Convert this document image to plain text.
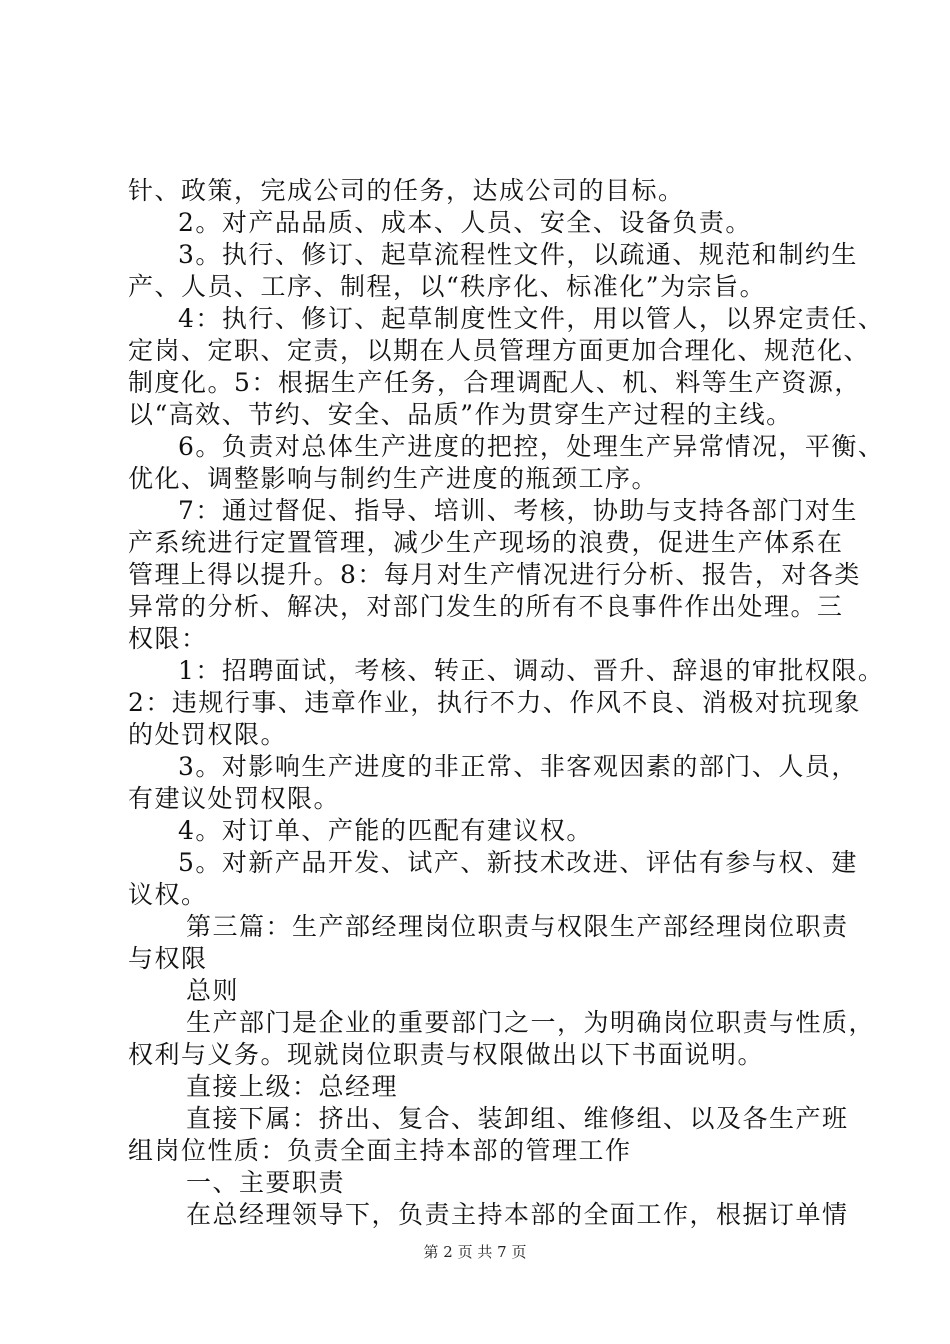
针、政策，完成公司的任务，达成公司的目标。
2。对产品品质、成本、人员、安全、设备负责。
3。执行、修订、起草流程性文件，以疏通、规范和制约生
产、人员、工序、制程，以“秩序化、标准化”为宗旨。
4：执行、修订、起草制度性文件，用以管人，以界定责任、
定岗、定职、定责，以期在人员管理方面更加合理化、规范化、
制度化。5：根据生产任务，合理调配人、机、料等生产资源，
以“高效、节约、安全、品质”作为贯穿生产过程的主线。
6。负责对总体生产进度的把控，处理生产异常情况，平衡、
优化、调整影响与制约生产进度的瓶颈工序。
7：通过督促、指导、培训、考核，协助与支持各部门对生
产系统进行定置管理，减少生产现场的浪费，促进生产体系在
管理上得以提升。8：每月对生产情况进行分析、报告，对各类
异常的分析、解决，对部门发生的所有不良事件作出处理。三
权限：
1：招聘面试，考核、转正、调动、晋升、辞退的审批权限。
2：违规行事、违章作业，执行不力、作风不良、消极对抗现象
的处罚权限。
3。对影响生产进度的非正常、非客观因素的部门、人员，
有建议处罚权限。
4。对订单、产能的匹配有建议权。
5。对新产品开发、试产、新技术改进、评估有参与权、建
议权。
第三篇：生产部经理岗位职责与权限生产部经理岗位职责
与权限
总则
生产部门是企业的重要部门之一，为明确岗位职责与性质，
权利与义务。现就岗位职责与权限做出以下书面说明。
直接上级：总经理
直接下属：挤出、复合、装卸组、维修组、以及各生产班
组岗位性质：负责全面主持本部的管理工作
一、主要职责
在总经理领导下，负责主持本部的全面工作，根据订单情
第 2 页 共 7 页
